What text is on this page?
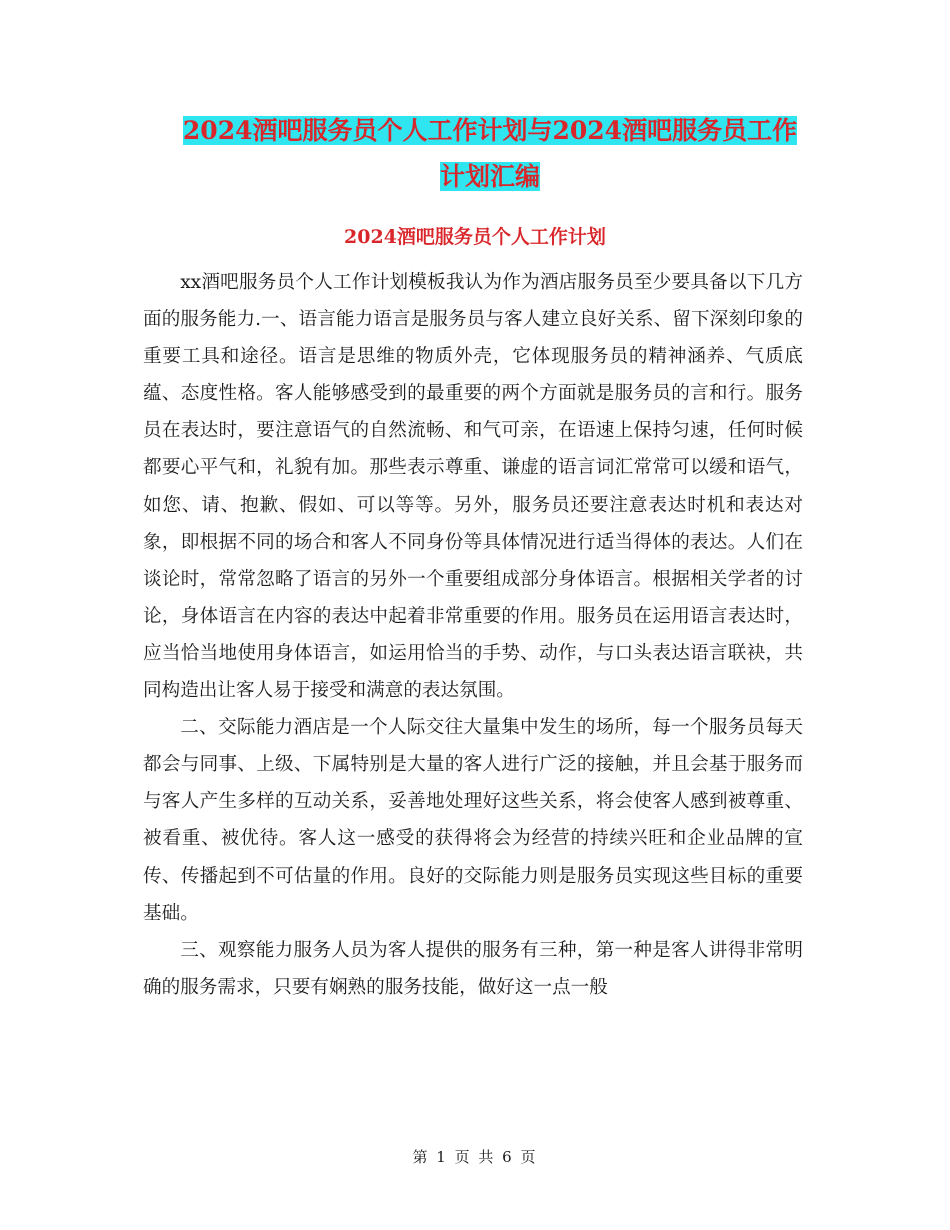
2024酒吧服务员个人工作计划与2024酒吧服务员工作
计划汇编
2024酒吧服务员个人工作计划

xx酒吧服务员个人工作计划模板我认为作为酒店服务员至少要具备以下几方面的服务能力.一、语言能力语言是服务员与客人建立良好关系、留下深刻印象的重要工具和途径。语言是思维的物质外壳，它体现服务员的精神涵养、气质底蕴、态度性格。客人能够感受到的最重要的两个方面就是服务员的言和行。服务员在表达时，要注意语气的自然流畅、和气可亲，在语速上保持匀速，任何时候都要心平气和，礼貌有加。那些表示尊重、谦虚的语言词汇常常可以缓和语气，如您、请、抱歉、假如、可以等等。另外，服务员还要注意表达时机和表达对象，即根据不同的场合和客人不同身份等具体情况进行适当得体的表达。人们在谈论时，常常忽略了语言的另外一个重要组成部分身体语言。根据相关学者的讨论，身体语言在内容的表达中起着非常重要的作用。服务员在运用语言表达时，应当恰当地使用身体语言，如运用恰当的手势、动作，与口头表达语言联袂，共同构造出让客人易于接受和满意的表达氛围。

二、交际能力酒店是一个人际交往大量集中发生的场所，每一个服务员每天都会与同事、上级、下属特别是大量的客人进行广泛的接触，并且会基于服务而与客人产生多样的互动关系，妥善地处理好这些关系，将会使客人感到被尊重、被看重、被优待。客人这一感受的获得将会为经营的持续兴旺和企业品牌的宣传、传播起到不可估量的作用。良好的交际能力则是服务员实现这些目标的重要基础。

三、观察能力服务人员为客人提供的服务有三种，第一种是客人讲得非常明确的服务需求，只要有娴熟的服务技能，做好这一点一般

第 1 页 共 6 页
